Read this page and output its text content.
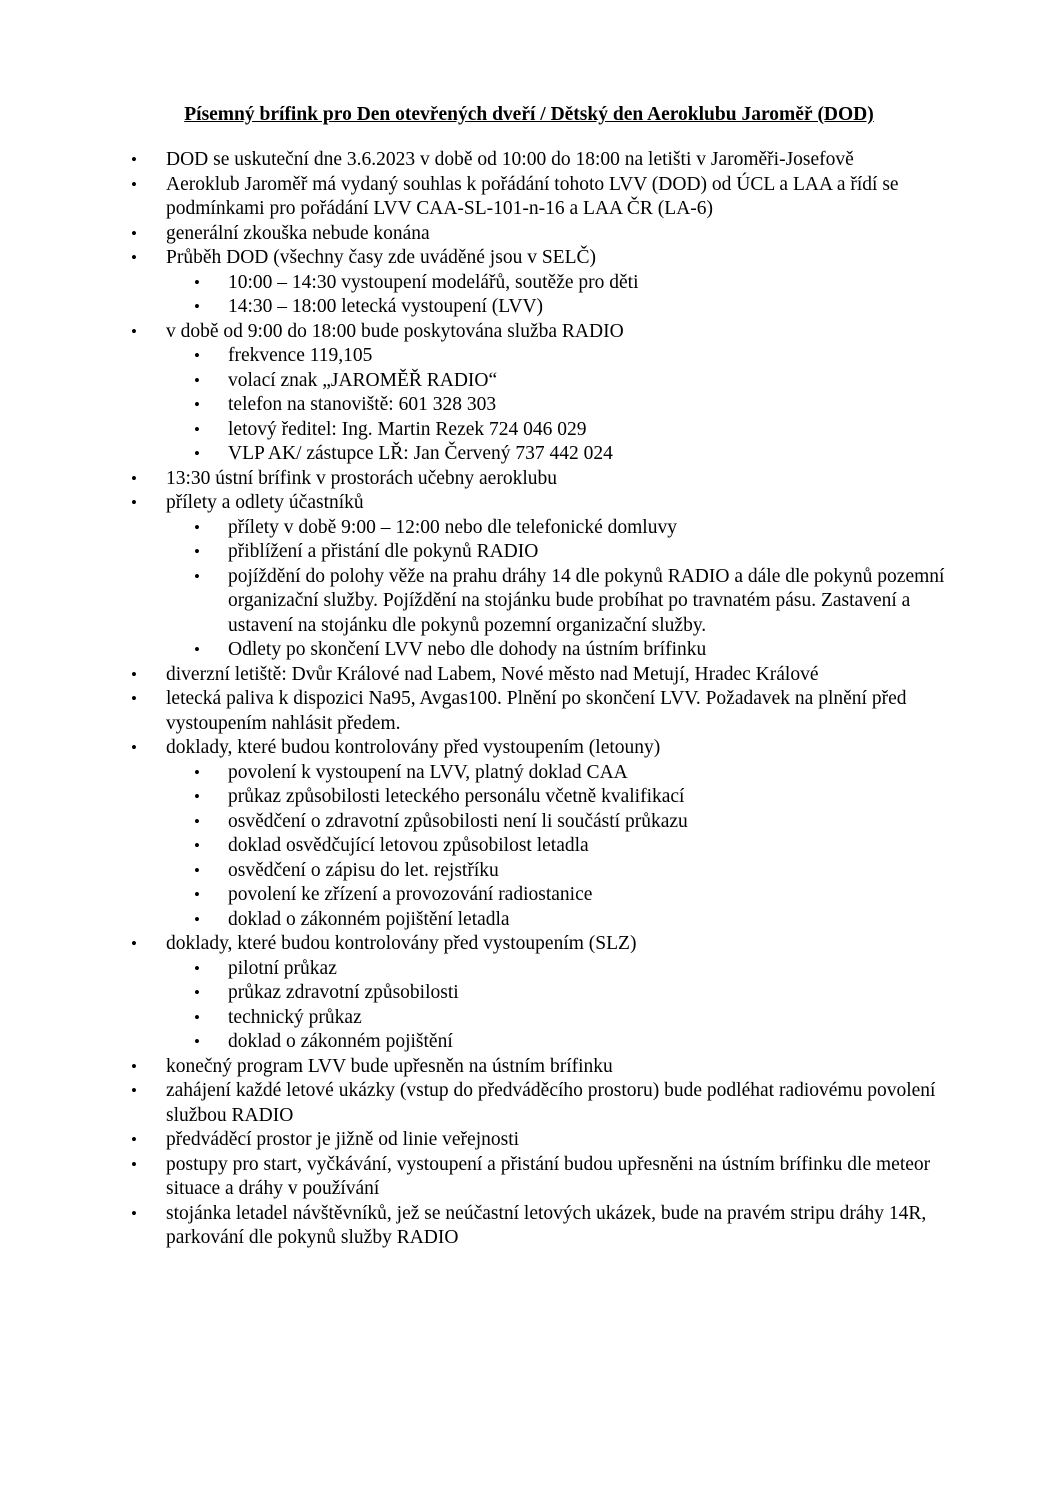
Písemný brífink pro Den otevřených dveří / Dětský den Aeroklubu Jaroměř (DOD)
• DOD se uskuteční dne 3.6.2023 v době od 10:00 do 18:00 na letišti v Jaroměři-Josefově
• Aeroklub Jaroměř má vydaný souhlas k pořádání tohoto LVV (DOD) od ÚCL a LAA a řídí se podmínkami pro pořádání LVV CAA-SL-101-n-16 a LAA ČR (LA-6)
• generální zkouška nebude konána
• Průběh DOD (všechny časy zde uváděné jsou v SELČ)
• 10:00 – 14:30 vystoupení modelářů, soutěže pro děti
• 14:30 – 18:00 letecká vystoupení (LVV)
• v době od 9:00 do 18:00 bude poskytována služba RADIO
• frekvence 119,105
• volací znak „JAROMĚŘ RADIO“
• telefon na stanoviště: 601 328 303
• letový ředitel: Ing. Martin Rezek 724 046 029
• VLP AK/ zástupce LŘ: Jan Červený 737 442 024
• 13:30 ústní brífink v prostorách učebny aeroklubu
• přílety a odlety účastníků
• přílety v době 9:00 – 12:00 nebo dle telefonické domluvy
• přiblížení a přistání dle pokynů RADIO
• pojíždění do polohy věže na prahu dráhy 14 dle pokynů RADIO a dále dle pokynů pozemní organizační služby. Pojíždění na stojánku bude probíhat po travnatém pásu. Zastavení a ustavení na stojánku dle pokynů pozemní organizační služby.
• Odlety po skončení LVV nebo dle dohody na ústním brífinku
• diverzní letiště: Dvůr Králové nad Labem, Nové město nad Metují, Hradec Králové
• letecká paliva k dispozici Na95, Avgas100. Plnění po skončení LVV. Požadavek na plnění před vystoupením nahlásit předem.
• doklady, které budou kontrolovány před vystoupením (letouny)
• povolení k vystoupení na LVV, platný doklad CAA
• průkaz způsobilosti leteckého personálu včetně kvalifikací
• osvědčení o zdravotní způsobilosti není li součástí průkazu
• doklad osvědčující letovou způsobilost letadla
• osvědčení o zápisu do let. rejstříku
• povolení ke zřízení a provozování radiostanice
• doklad o zákonném pojištění letadla
• doklady, které budou kontrolovány před vystoupením (SLZ)
• pilotní průkaz
• průkaz zdravotní způsobilosti
• technický průkaz
• doklad o zákonném pojištění
• konečný program LVV bude upřesněn na ústním brífinku
• zahájení každé letové ukázky (vstup do předváděcího prostoru) bude podléhat radiovému povolení službou RADIO
• předváděcí prostor je jižně od linie veřejnosti
• postupy pro start, vyčkávání, vystoupení a přistání budou upřesněni na ústním brífinku dle meteor situace a dráhy v používání
• stojánka letadel návštěvníků, jež se neúčastní letových ukázek, bude na pravém stripu dráhy 14R, parkování dle pokynů služby RADIO
